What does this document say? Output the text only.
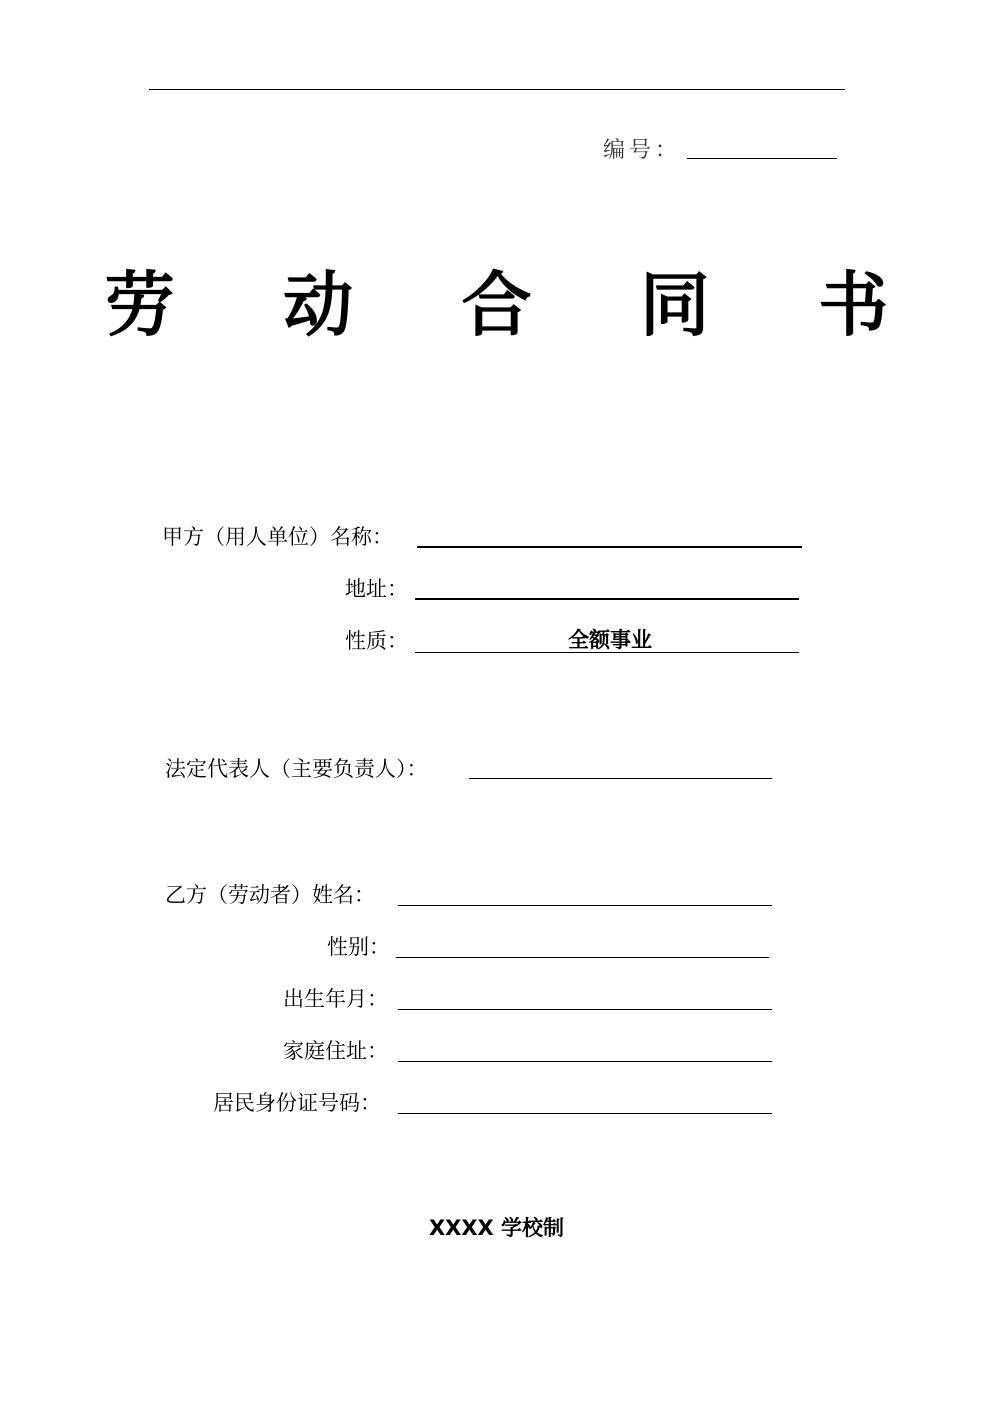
编号：
劳 动 合 同 书
甲方（用人单位）名称：
地址：
性质：	全额事业
法定代表人（主要负责人）：
乙方（劳动者）姓名：
性别：
出生年月：
家庭住址：
居民身份证号码：
XXXX 学校制
